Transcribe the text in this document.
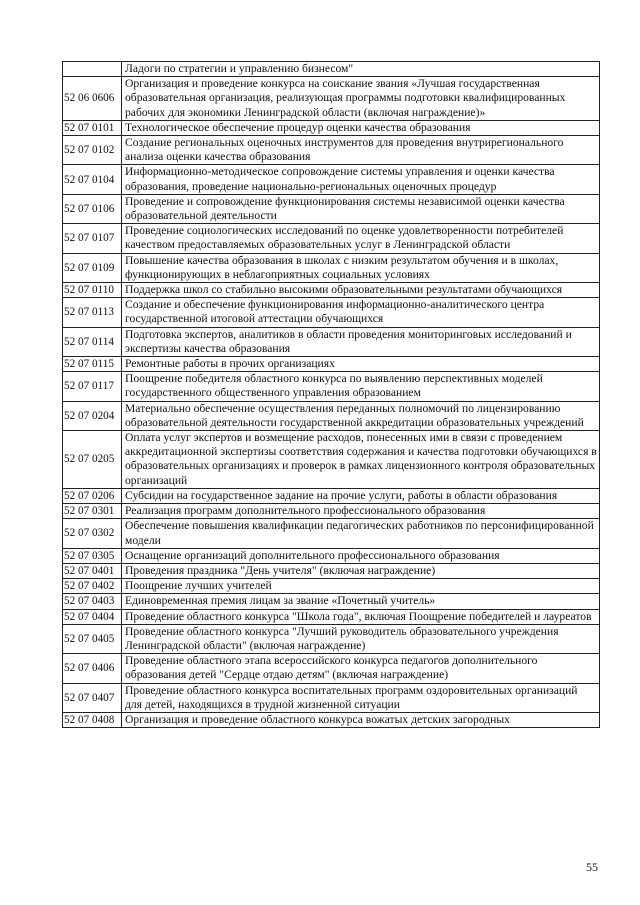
	Ладоги по стратегии и управлению бизнесом"
52 06 0606	Организация и проведение конкурса на соискание звания «Лучшая государственная образовательная организация, реализующая программы подготовки квалифицированных рабочих для экономики Ленинградской области (включая награждение)»
52 07 0101	Технологическое обеспечение процедур оценки качества образования
52 07 0102	Создание региональных оценочных инструментов для проведения внутрирегионального анализа оценки качества образования
52 07 0104	Информационно-методическое сопровождение системы управления и оценки качества образования, проведение национально-региональных оценочных процедур
52 07 0106	Проведение и сопровождение функционирования системы независимой оценки качества образовательной деятельности
52 07 0107	Проведение социологических исследований по оценке удовлетворенности потребителей качеством предоставляемых образовательных услуг в Ленинградской области
52 07 0109	Повышение качества образования в школах с низким результатом обучения и в школах, функционирующих в неблагоприятных социальных условиях
52 07 0110	Поддержка школ со стабильно высокими образовательными результатами обучающихся
52 07 0113	Создание и обеспечение функционирования информационно-аналитического центра государственной итоговой аттестации обучающихся
52 07 0114	Подготовка экспертов, аналитиков в области проведения мониторинговых исследований и экспертизы качества образования
52 07 0115	Ремонтные работы в прочих организациях
52 07 0117	Поощрение победителя областного конкурса по выявлению перспективных моделей государственного общественного управления образованием
52 07 0204	Материально обеспечение осуществления переданных полномочий по лицензированию образовательной деятельности государственной аккредитации образовательных учреждений
52 07 0205	Оплата услуг экспертов и возмещение расходов, понесенных ими в связи с проведением аккредитационной экспертизы соответствия содержания и качества подготовки обучающихся в образовательных организациях и проверок в рамках лицензионного контроля образовательных организаций
52 07 0206	Субсидии на государственное задание на прочие услуги, работы в области образования
52 07 0301	Реализация программ дополнительного профессионального образования
52 07 0302	Обеспечение повышения квалификации педагогических работников по персонифицированной модели
52 07 0305	Оснащение организаций дополнительного профессионального образования
52 07 0401	Проведения праздника "День учителя" (включая награждение)
52 07 0402	Поощрение лучших учителей
52 07 0403	Единовременная премия лицам за звание «Почетный учитель»
52 07 0404	Проведение областного конкурса "Школа года", включая Поощрение победителей и лауреатов
52 07 0405	Проведение областного конкурса "Лучший руководитель образовательного учреждения Ленинградской области" (включая награждение)
52 07 0406	Проведение областного этапа всероссийского конкурса педагогов дополнительного образования детей "Сердце отдаю детям" (включая награждение)
52 07 0407	Проведение областного конкурса воспитательных программ оздоровительных организаций для детей, находящихся в трудной жизненной ситуации
52 07 0408	Организация и проведение областного конкурса вожатых детских загородных
55
